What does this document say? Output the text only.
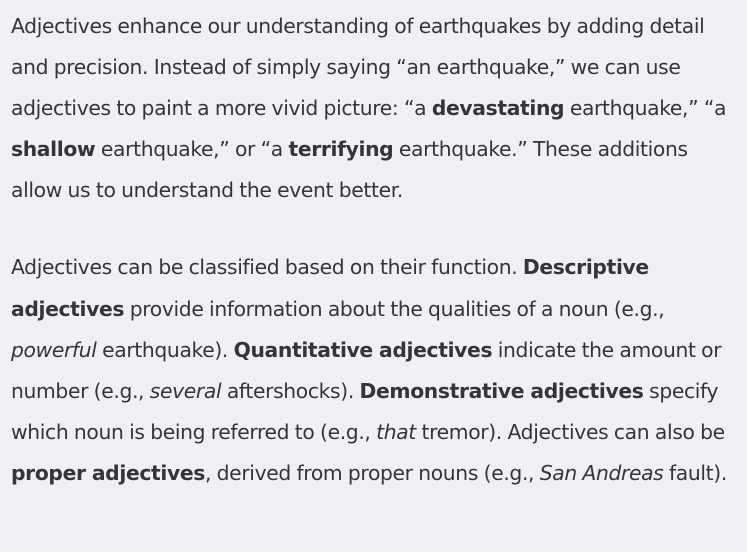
Adjectives enhance our understanding of earthquakes by adding detail and precision. Instead of simply saying “an earthquake,” we can use adjectives to paint a more vivid picture: “a devastating earthquake,” “a shallow earthquake,” or “a terrifying earthquake.” These additions allow us to understand the event better.

Adjectives can be classified based on their function. Descriptive adjectives provide information about the qualities of a noun (e.g., powerful earthquake). Quantitative adjectives indicate the amount or number (e.g., several aftershocks). Demonstrative adjectives specify which noun is being referred to (e.g., that tremor). Adjectives can also be proper adjectives, derived from proper nouns (e.g., San Andreas fault).
